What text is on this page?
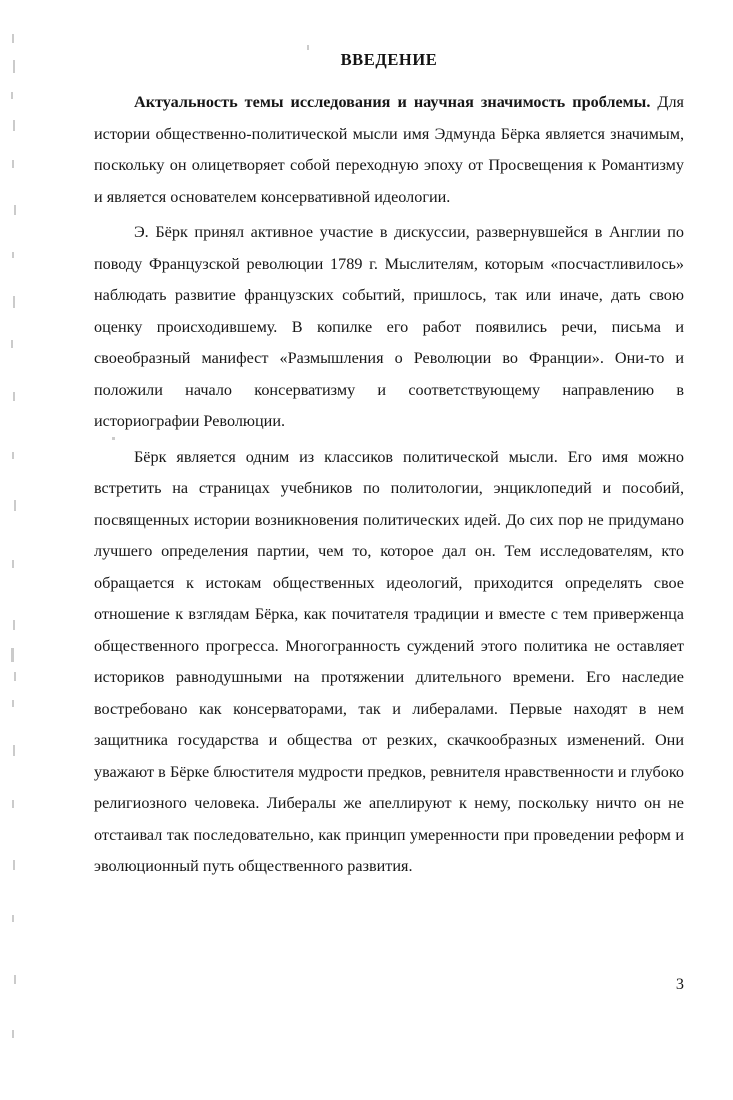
ВВЕДЕНИЕ

Актуальность темы исследования и научная значимость проблемы. Для истории общественно-политической мысли имя Эдмунда Бёрка является значимым, поскольку он олицетворяет собой переходную эпоху от Просвещения к Романтизму и является основателем консервативной идеологии.

Э. Бёрк принял активное участие в дискуссии, развернувшейся в Англии по поводу Французской революции 1789 г. Мыслителям, которым «посчастливилось» наблюдать развитие французских событий, пришлось, так или иначе, дать свою оценку происходившему. В копилке его работ появились речи, письма и своеобразный манифест «Размышления о Революции во Франции». Они-то и положили начало консерватизму и соответствующему направлению в историографии Революции.

Бёрк является одним из классиков политической мысли. Его имя можно встретить на страницах учебников по политологии, энциклопедий и пособий, посвященных истории возникновения политических идей. До сих пор не придумано лучшего определения партии, чем то, которое дал он. Тем исследователям, кто обращается к истокам общественных идеологий, приходится определять свое отношение к взглядам Бёрка, как почитателя традиции и вместе с тем приверженца общественного прогресса. Многогранность суждений этого политика не оставляет историков равнодушными на протяжении длительного времени. Его наследие востребовано как консерваторами, так и либералами. Первые находят в нем защитника государства и общества от резких, скачкообразных изменений. Они уважают в Бёрке блюстителя мудрости предков, ревнителя нравственности и глубоко религиозного человека. Либералы же апеллируют к нему, поскольку ничто он не отстаивал так последовательно, как принцип умеренности при проведении реформ и эволюционный путь общественного развития.

3
